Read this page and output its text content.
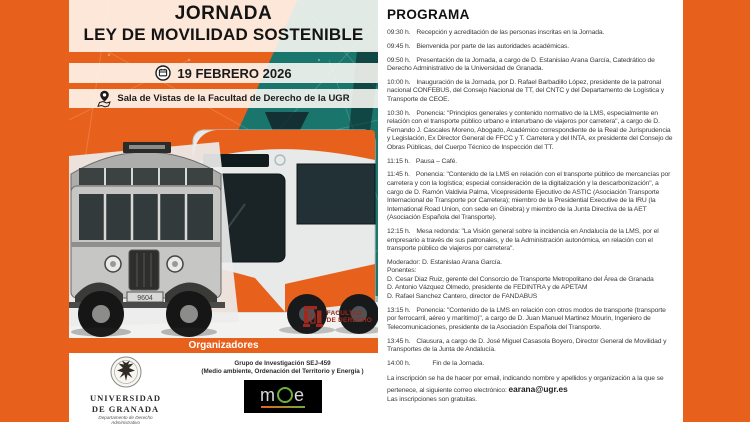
JORNADA
LEY DE MOVILIDAD SOSTENIBLE
19 FEBRERO 2026
Sala de Vistas de la Facultad de Derecho de la UGR
9604
FACULTAD
DE DERECHO
Organizadores
UNIVERSIDAD
DE GRANADA
Departamento de Derecho
Administrativo
Grupo de Investigación SEJ-459
(Medio ambiente, Ordenación del Territorio y Energía )
m e
PROGRAMA
09:30 h. Recepción y acreditación de las personas inscritas en la Jornada.
09:45 h. Bienvenida por parte de las autoridades académicas.
09:50 h. Presentación de la Jornada, a cargo de D. Estanislao Arana García, Catedrático de Derecho Administrativo de la Universidad de Granada.
10:00 h. Inauguración de la Jornada, por D. Rafael Barbadillo López, presidente de la patronal nacional CONFEBUS, del Consejo Nacional de TT, del CNTC y del Departamento de Logística y Transporte de CEOE.
10:30 h. Ponencia: "Principios generales y contenido normativo de la LMS, especialmente en relación con el transporte público urbano e interurbano de viajeros por carretera", a cargo de D. Fernando J. Cascales Moreno, Abogado, Académico correspondiente de la Real de Jurisprudencia y Legislación, Ex Director General de FFCC y T. Carretera y del INTA, ex presidente del Consejo de Obras Públicas, del Cuerpo Técnico de Inspección del TT.
11:15 h. Pausa – Café.
11:45 h. Ponencia: "Contenido de la LMS en relación con el transporte público de mercancías por carretera y con la logística; especial consideración de la digitalización y la descarbonización", a cargo de D. Ramón Valdivia Palma, Vicepresidente Ejecutivo de ASTIC (Asociación Transporte Internacional de Transporte por Carretera); miembro de la Presidential Executive de la IRU (la International Road Union, con sede en Ginebra) y miembro de la Junta Directiva de la AET (Asociación Española del Transporte).
12:15 h. Mesa redonda: "La Visión general sobre la incidencia en Andalucía de la LMS, por el empresario a través de sus patronales, y de la Administración autonómica, en relación con el transporte público de viajeros por carretera".
Moderador: D. Estanislao Arana García.
Ponentes:
D. Cesar Diaz Ruiz, gerente del Consorcio de Transporte Metropolitano del Área de Granada
D. Antonio Vázquez Olmedo, presidente de FEDINTRA y de APETAM
D. Rafael Sanchez Cantero, director de FANDABUS
13:15 h. Ponencia: "Contenido de la LMS en relación con otros modos de transporte (transporte por ferrocarril, aéreo y marítimo)", a cargo de D. Juan Manuel Martinez Mourin, Ingeniero de Telecomunicaciones, presidente de la Asociación Española del Transporte.
13:45 h. Clausura, a cargo de D. José Miguel Casasola Boyero, Director General de Movilidad y Transportes de la Junta de Andalucía.
14:00 h.	Fin de la Jornada.
La inscripción se ha de hacer por email, indicando nombre y apellidos y organización a la que se pertenece, al siguiente correo electrónico: earana@ugr.es
Las inscripciones son gratuitas.
